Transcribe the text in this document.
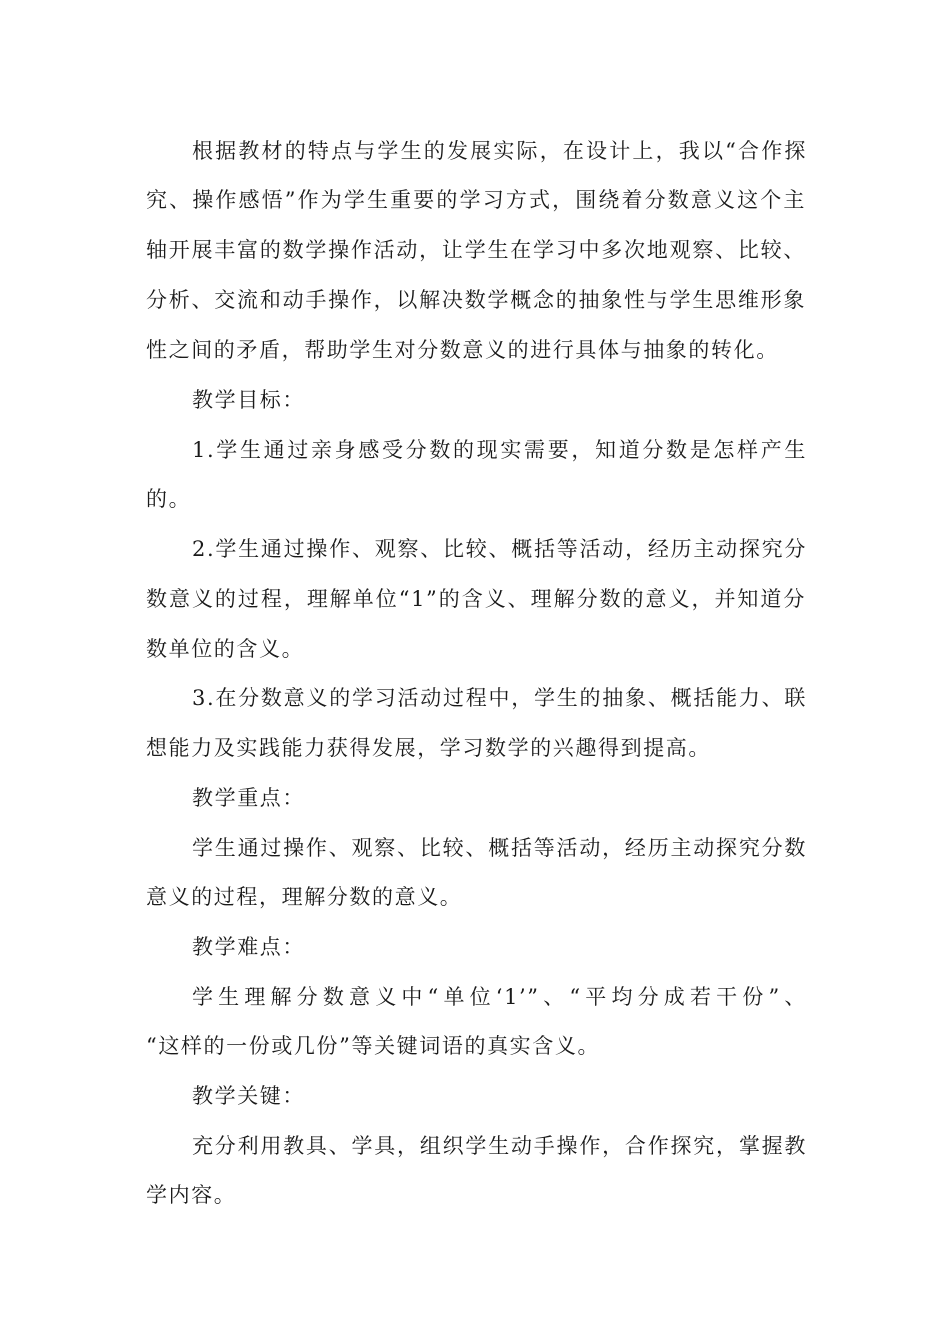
根据教材的特点与学生的发展实际，在设计上，我以“合作探
究、操作感悟”作为学生重要的学习方式，围绕着分数意义这个主
轴开展丰富的数学操作活动，让学生在学习中多次地观察、比较、
分析、交流和动手操作，以解决数学概念的抽象性与学生思维形象
性之间的矛盾，帮助学生对分数意义的进行具体与抽象的转化。
教学目标：
1.学生通过亲身感受分数的现实需要，知道分数是怎样产生
的。
2.学生通过操作、观察、比较、概括等活动，经历主动探究分
数意义的过程，理解单位“1”的含义、理解分数的意义，并知道分
数单位的含义。
3.在分数意义的学习活动过程中，学生的抽象、概括能力、联
想能力及实践能力获得发展，学习数学的兴趣得到提高。
教学重点：
学生通过操作、观察、比较、概括等活动，经历主动探究分数
意义的过程，理解分数的意义。
教学难点：
学生理解分数意义中“单位‘1’”、“平均分成若干份”、
“这样的一份或几份”等关键词语的真实含义。
教学关键：
充分利用教具、学具，组织学生动手操作，合作探究，掌握教
学内容。
